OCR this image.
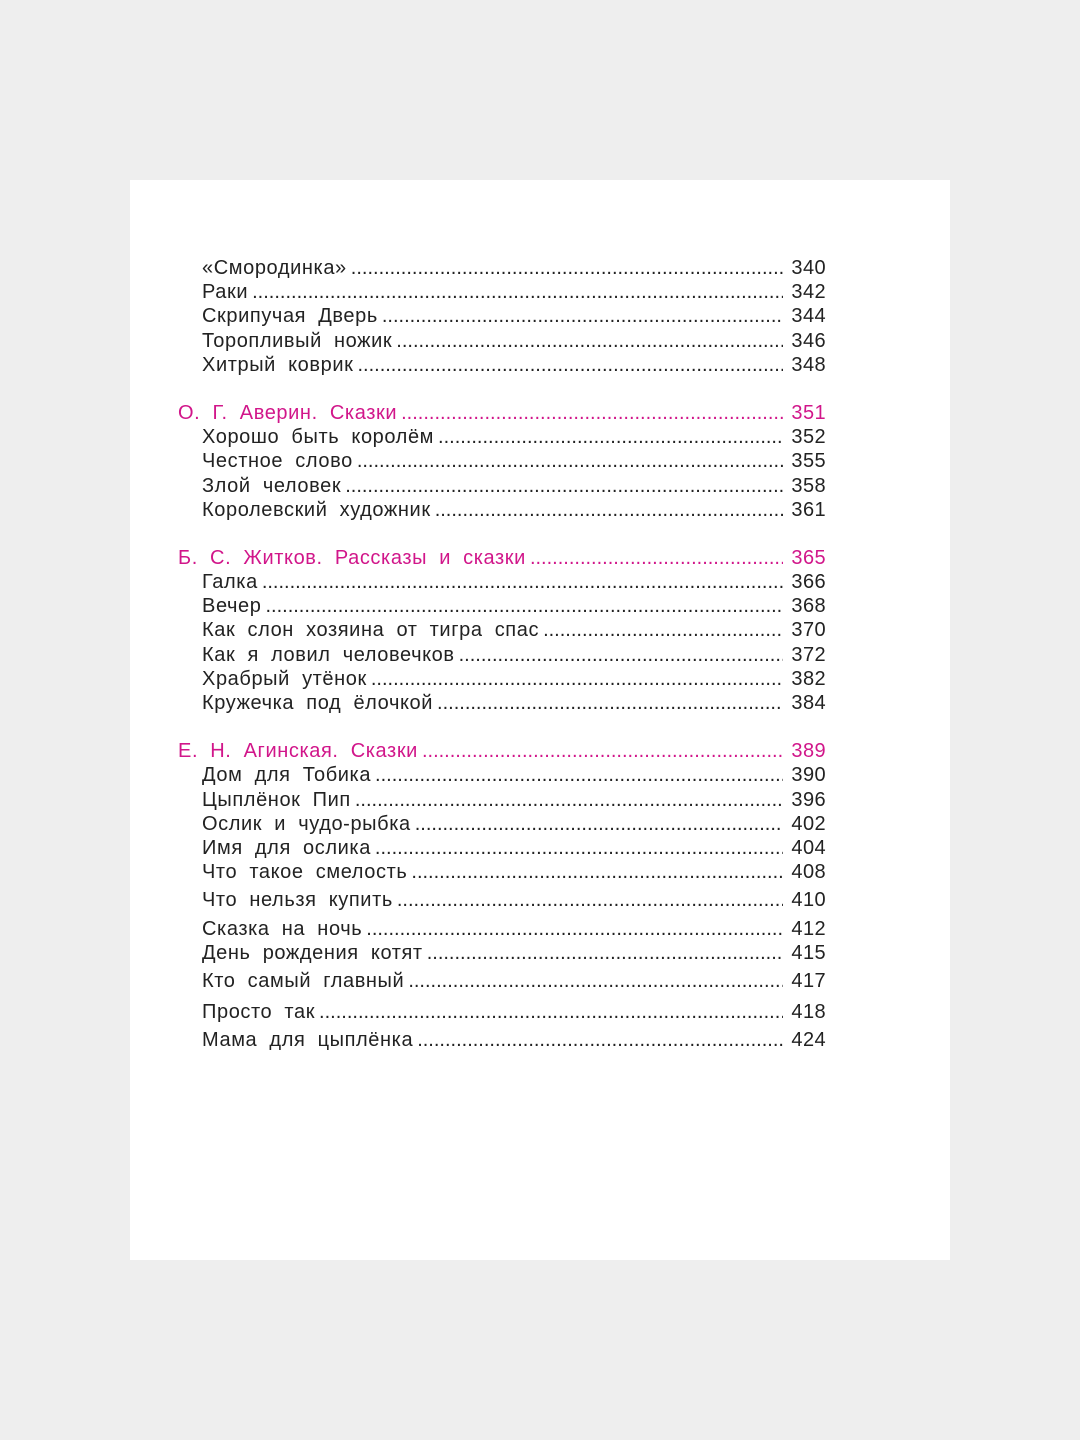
«Смородинка» .....	340
Раки .....	342
Скрипучая Дверь .....	344
Торопливый ножик .....	346
Хитрый коврик .....	348
О. Г. Аверин. Сказки .....	351
Хорошо быть королём .....	352
Честное слово .....	355
Злой человек .....	358
Королевский художник .....	361
Б. С. Житков. Рассказы и сказки .....	365
Галка .....	366
Вечер .....	368
Как слон хозяина от тигра спас .....	370
Как я ловил человечков .....	372
Храбрый утёнок .....	382
Кружечка под ёлочкой .....	384
Е. Н. Агинская. Сказки .....	389
Дом для Тобика .....	390
Цыплёнок Пип .....	396
Ослик и чудо-рыбка .....	402
Имя для ослика .....	404
Что такое смелость .....	408
Что нельзя купить .....	410
Сказка на ночь .....	412
День рождения котят .....	415
Кто самый главный .....	417
Просто так .....	418
Мама для цыплёнка .....	424
